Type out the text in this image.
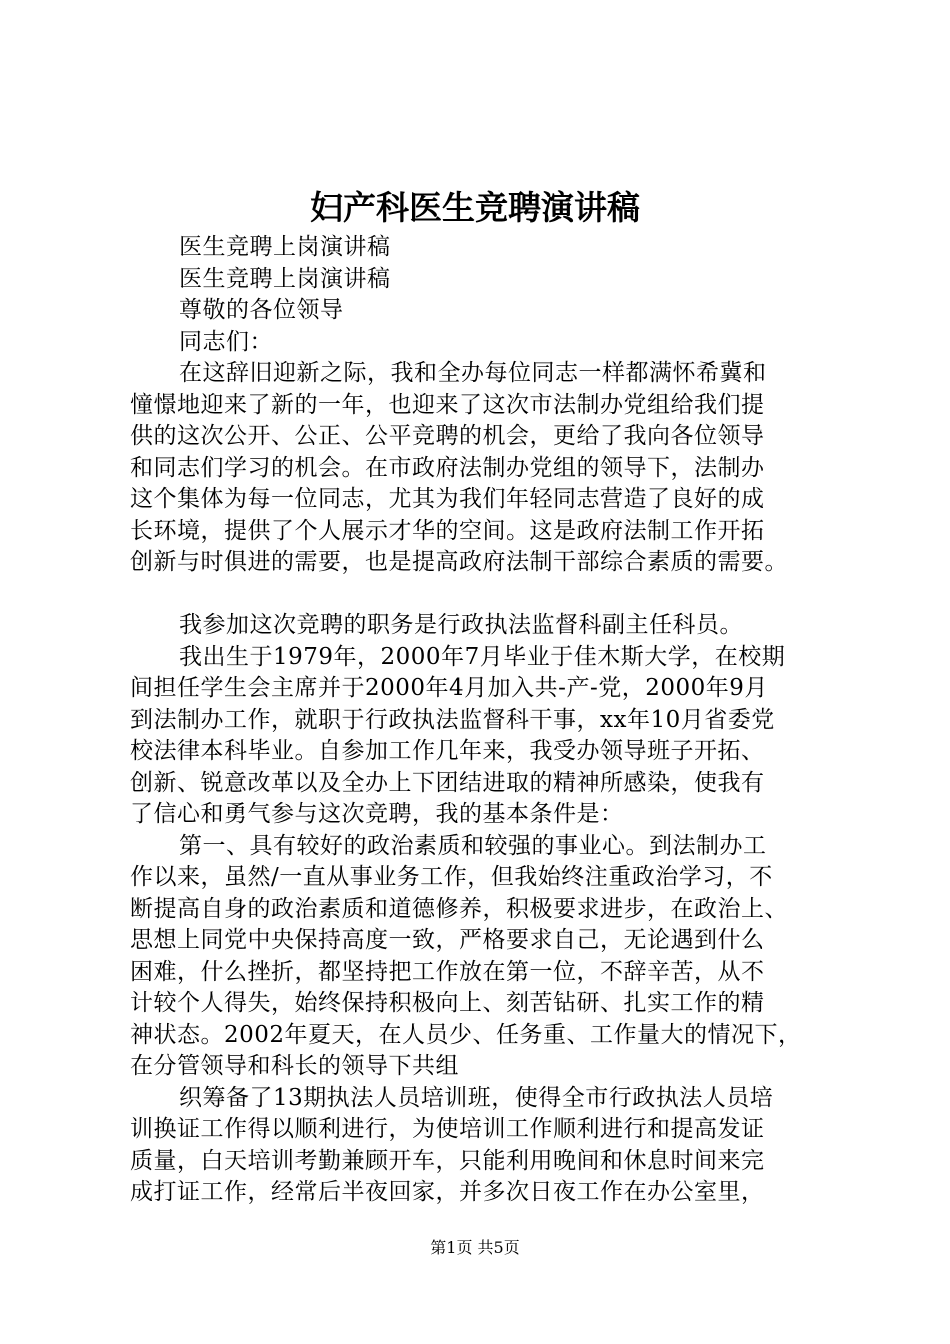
妇产科医生竞聘演讲稿
医生竞聘上岗演讲稿
医生竞聘上岗演讲稿
尊敬的各位领导
同志们：
在这辞旧迎新之际，我和全办每位同志一样都满怀希冀和
憧憬地迎来了新的一年，也迎来了这次市法制办党组给我们提
供的这次公开、公正、公平竞聘的机会，更给了我向各位领导
和同志们学习的机会。在市政府法制办党组的领导下，法制办
这个集体为每一位同志，尤其为我们年轻同志营造了良好的成
长环境，提供了个人展示才华的空间。这是政府法制工作开拓
创新与时俱进的需要，也是提高政府法制干部综合素质的需要。
我参加这次竞聘的职务是行政执法监督科副主任科员。
我出生于1979年，2000年7月毕业于佳木斯大学，在校期
间担任学生会主席并于2000年4月加入共-产-党，2000年9月
到法制办工作，就职于行政执法监督科干事，xx年10月省委党
校法律本科毕业。自参加工作几年来，我受办领导班子开拓、
创新、锐意改革以及全办上下团结进取的精神所感染，使我有
了信心和勇气参与这次竞聘，我的基本条件是：
第一、具有较好的政治素质和较强的事业心。到法制办工
作以来，虽然/一直从事业务工作，但我始终注重政治学习，不
断提高自身的政治素质和道德修养，积极要求进步，在政治上、
思想上同党中央保持高度一致，严格要求自己，无论遇到什么
困难，什么挫折，都坚持把工作放在第一位，不辞辛苦，从不
计较个人得失，始终保持积极向上、刻苦钻研、扎实工作的精
神状态。2002年夏天，在人员少、任务重、工作量大的情况下，
在分管领导和科长的领导下共组
织筹备了13期执法人员培训班，使得全市行政执法人员培
训换证工作得以顺利进行，为使培训工作顺利进行和提高发证
质量，白天培训考勤兼顾开车，只能利用晚间和休息时间来完
成打证工作，经常后半夜回家，并多次日夜工作在办公室里，
第1页 共5页
